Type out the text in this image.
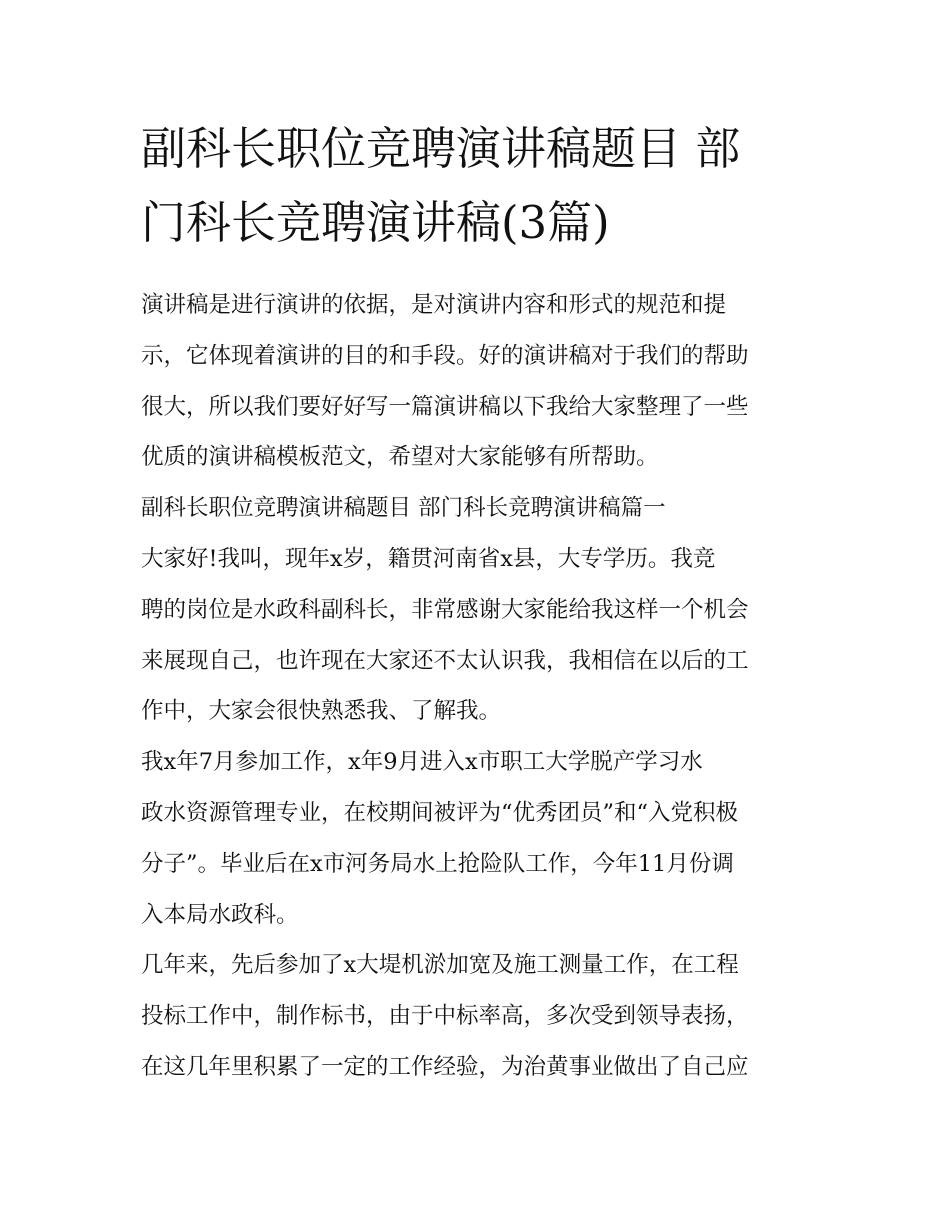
副科长职位竞聘演讲稿题目 部
门科长竞聘演讲稿(3篇)
演讲稿是进行演讲的依据，是对演讲内容和形式的规范和提
示，它体现着演讲的目的和手段。好的演讲稿对于我们的帮助
很大，所以我们要好好写一篇演讲稿以下我给大家整理了一些
优质的演讲稿模板范文，希望对大家能够有所帮助。
副科长职位竞聘演讲稿题目 部门科长竞聘演讲稿篇一
大家好!我叫，现年x岁，籍贯河南省x县，大专学历。我竞
聘的岗位是水政科副科长，非常感谢大家能给我这样一个机会
来展现自己，也许现在大家还不太认识我，我相信在以后的工
作中，大家会很快熟悉我、了解我。
我x年7月参加工作，x年9月进入x市职工大学脱产学习水
政水资源管理专业，在校期间被评为“优秀团员”和“入党积极
分子”。毕业后在x市河务局水上抢险队工作，今年11月份调
入本局水政科。
几年来，先后参加了x大堤机淤加宽及施工测量工作，在工程
投标工作中，制作标书，由于中标率高，多次受到领导表扬，
在这几年里积累了一定的工作经验，为治黄事业做出了自己应
